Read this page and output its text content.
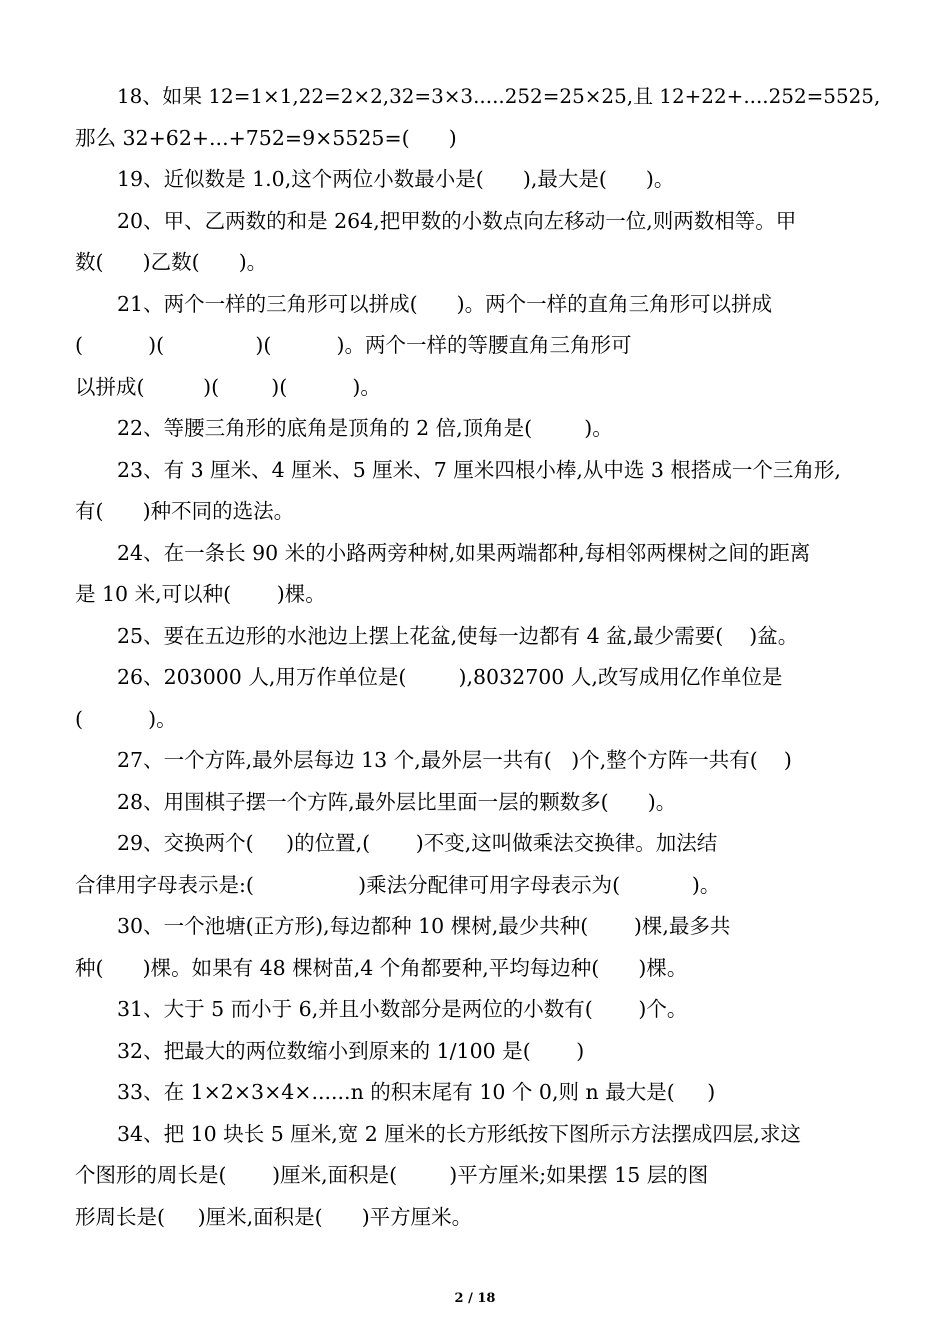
18、如果 12=1×1,22=2×2,32=3×3.....252=25×25,且 12+22+....252=5525,
那么 32+62+...+752=9×5525=(      )
19、近似数是 1.0,这个两位小数最小是(      ),最大是(      )。
20、甲、乙两数的和是 264,把甲数的小数点向左移动一位,则两数相等。甲
数(      )乙数(      )。
21、两个一样的三角形可以拼成(      )。两个一样的直角三角形可以拼成
(          )(              )(          )。两个一样的等腰直角三角形可
以拼成(         )(        )(          )。
22、等腰三角形的底角是顶角的 2 倍,顶角是(        )。
23、有 3 厘米、4 厘米、5 厘米、7 厘米四根小棒,从中选 3 根搭成一个三角形,
有(      )种不同的选法。
24、在一条长 90 米的小路两旁种树,如果两端都种,每相邻两棵树之间的距离
是 10 米,可以种(       )棵。
25、要在五边形的水池边上摆上花盆,使每一边都有 4 盆,最少需要(    )盆。
26、203000 人,用万作单位是(        ),8032700 人,改写成用亿作单位是
(          )。
27、一个方阵,最外层每边 13 个,最外层一共有(   )个,整个方阵一共有(    )
28、用围棋子摆一个方阵,最外层比里面一层的颗数多(      )。
29、交换两个(     )的位置,(       )不变,这叫做乘法交换律。加法结
合律用字母表示是:(                )乘法分配律可用字母表示为(           )。
30、一个池塘(正方形),每边都种 10 棵树,最少共种(       )棵,最多共
种(      )棵。如果有 48 棵树苗,4 个角都要种,平均每边种(      )棵。
31、大于 5 而小于 6,并且小数部分是两位的小数有(       )个。
32、把最大的两位数缩小到原来的 1/100 是(       )
33、在 1×2×3×4×......n 的积末尾有 10 个 0,则 n 最大是(     )
34、把 10 块长 5 厘米,宽 2 厘米的长方形纸按下图所示方法摆成四层,求这
个图形的周长是(       )厘米,面积是(        )平方厘米;如果摆 15 层的图
形周长是(     )厘米,面积是(      )平方厘米。
2 / 18
